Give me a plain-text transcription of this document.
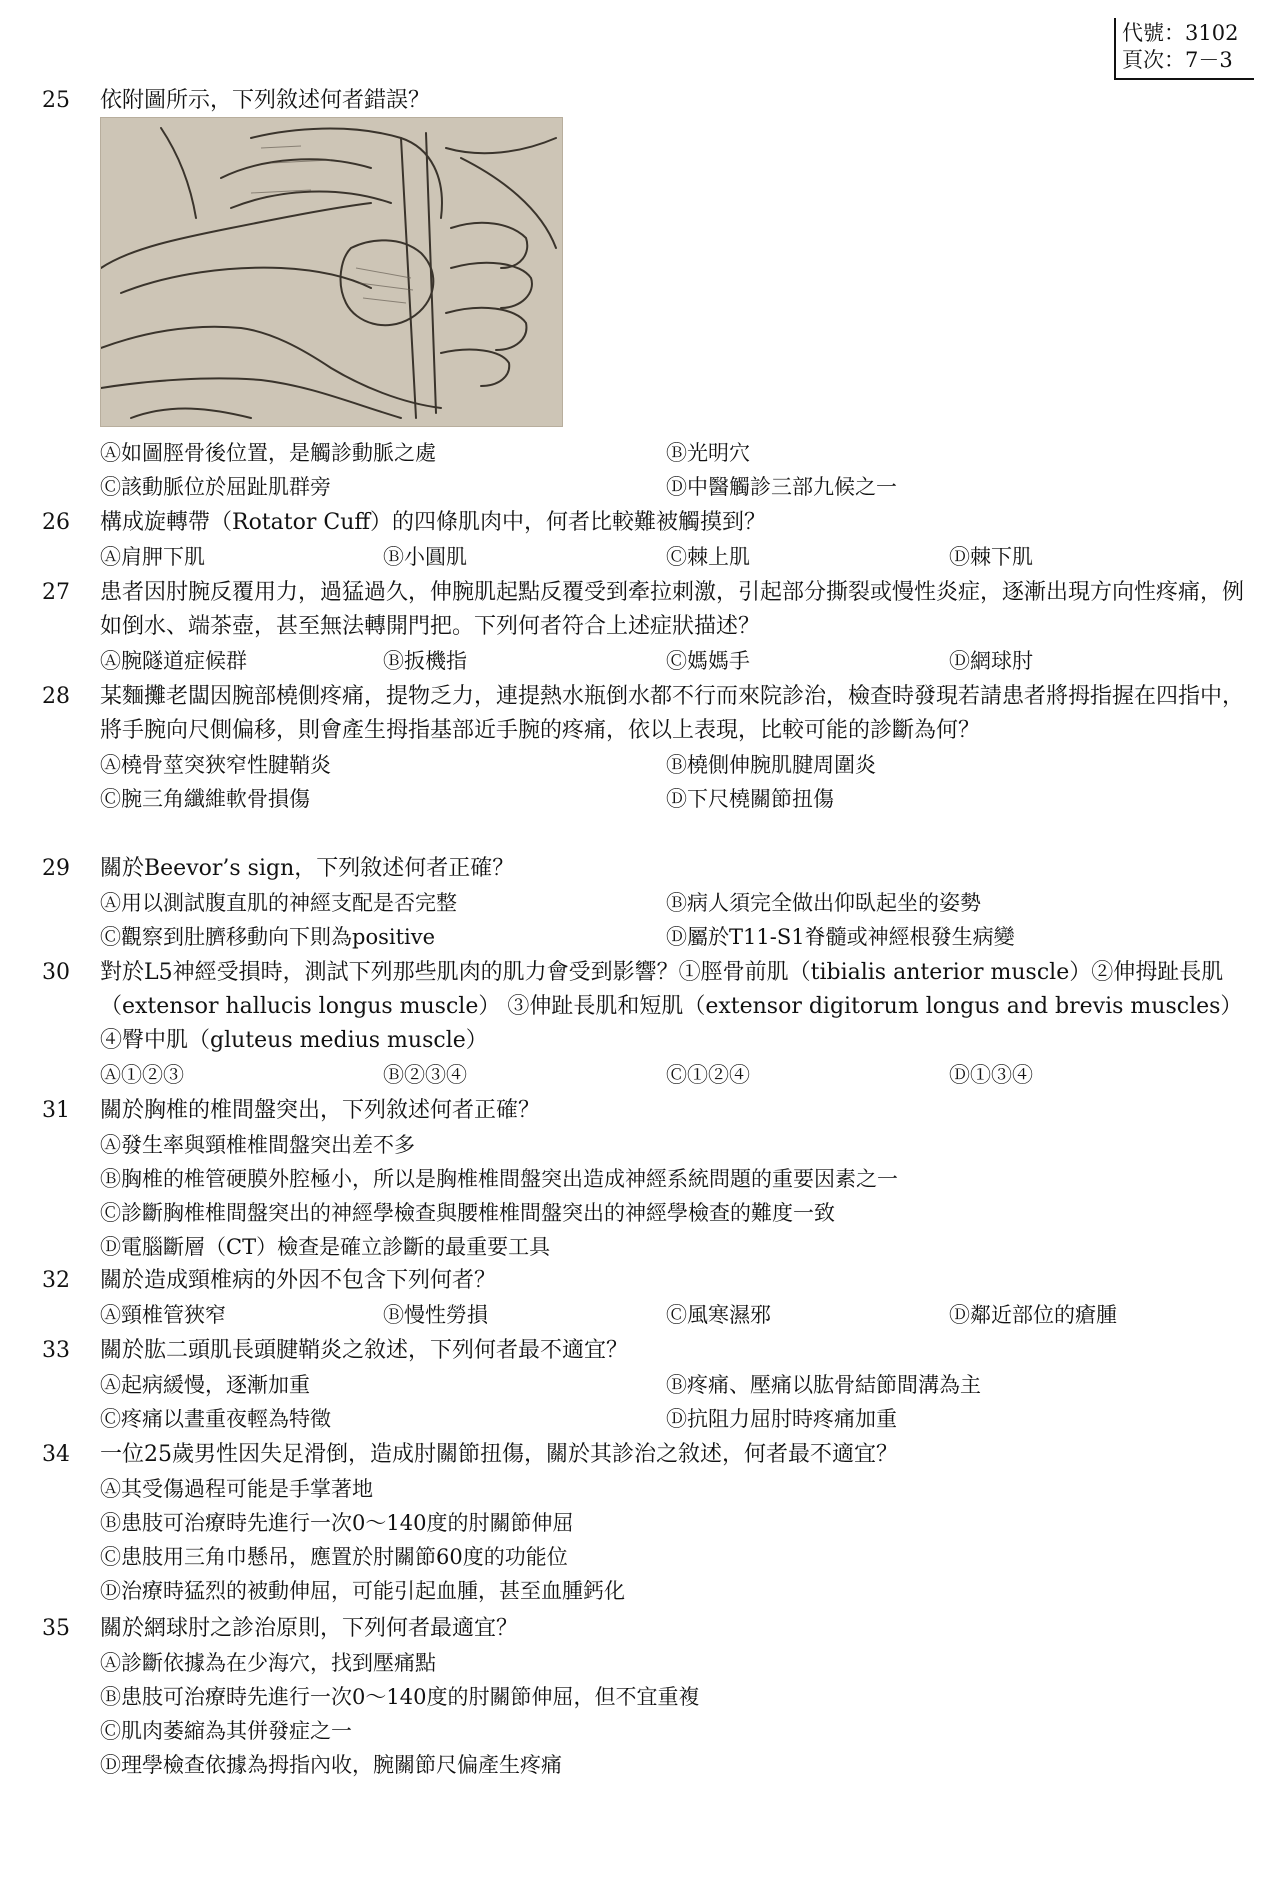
代號：3102
頁次：7－3
25	依附圖所示，下列敘述何者錯誤？
Ⓐ如圖脛骨後位置，是觸診動脈之處	Ⓑ光明穴
Ⓒ該動脈位於屈趾肌群旁	Ⓓ中醫觸診三部九候之一
26	構成旋轉帶（Rotator Cuff）的四條肌肉中，何者比較難被觸摸到？
Ⓐ肩胛下肌	Ⓑ小圓肌	Ⓒ棘上肌	Ⓓ棘下肌
27	患者因肘腕反覆用力，過猛過久，伸腕肌起點反覆受到牽拉刺激，引起部分撕裂或慢性炎症，逐漸出現方向性疼痛，例如倒水、端茶壺，甚至無法轉開門把。下列何者符合上述症狀描述？
Ⓐ腕隧道症候群	Ⓑ扳機指	Ⓒ媽媽手	Ⓓ網球肘
28	某麵攤老闆因腕部橈側疼痛，提物乏力，連提熱水瓶倒水都不行而來院診治，檢查時發現若請患者將拇指握在四指中，將手腕向尺側偏移，則會產生拇指基部近手腕的疼痛，依以上表現，比較可能的診斷為何？
Ⓐ橈骨莖突狹窄性腱鞘炎	Ⓑ橈側伸腕肌腱周圍炎
Ⓒ腕三角纖維軟骨損傷	Ⓓ下尺橈關節扭傷
29	關於Beevor’s sign，下列敘述何者正確？
Ⓐ用以測試腹直肌的神經支配是否完整	Ⓑ病人須完全做出仰臥起坐的姿勢
Ⓒ觀察到肚臍移動向下則為positive	Ⓓ屬於T11-S1脊髓或神經根發生病變
30	對於L5神經受損時，測試下列那些肌肉的肌力會受到影響？①脛骨前肌（tibialis anterior muscle）②伸拇趾長肌（extensor hallucis longus muscle） ③伸趾長肌和短肌（extensor digitorum longus and brevis muscles） ④臀中肌（gluteus medius muscle）
Ⓐ①②③	Ⓑ②③④	Ⓒ①②④	Ⓓ①③④
31	關於胸椎的椎間盤突出，下列敘述何者正確？
Ⓐ發生率與頸椎椎間盤突出差不多
Ⓑ胸椎的椎管硬膜外腔極小，所以是胸椎椎間盤突出造成神經系統問題的重要因素之一
Ⓒ診斷胸椎椎間盤突出的神經學檢查與腰椎椎間盤突出的神經學檢查的難度一致
Ⓓ電腦斷層（CT）檢查是確立診斷的最重要工具
32	關於造成頸椎病的外因不包含下列何者？
Ⓐ頸椎管狹窄	Ⓑ慢性勞損	Ⓒ風寒濕邪	Ⓓ鄰近部位的瘡腫
33	關於肱二頭肌長頭腱鞘炎之敘述，下列何者最不適宜？
Ⓐ起病緩慢，逐漸加重	Ⓑ疼痛、壓痛以肱骨結節間溝為主
Ⓒ疼痛以晝重夜輕為特徵	Ⓓ抗阻力屈肘時疼痛加重
34	一位25歲男性因失足滑倒，造成肘關節扭傷，關於其診治之敘述，何者最不適宜？
Ⓐ其受傷過程可能是手掌著地
Ⓑ患肢可治療時先進行一次0～140度的肘關節伸屈
Ⓒ患肢用三角巾懸吊，應置於肘關節60度的功能位
Ⓓ治療時猛烈的被動伸屈，可能引起血腫，甚至血腫鈣化
35	關於網球肘之診治原則，下列何者最適宜？
Ⓐ診斷依據為在少海穴，找到壓痛點
Ⓑ患肢可治療時先進行一次0～140度的肘關節伸屈，但不宜重複
Ⓒ肌肉萎縮為其併發症之一
Ⓓ理學檢查依據為拇指內收，腕關節尺偏產生疼痛
